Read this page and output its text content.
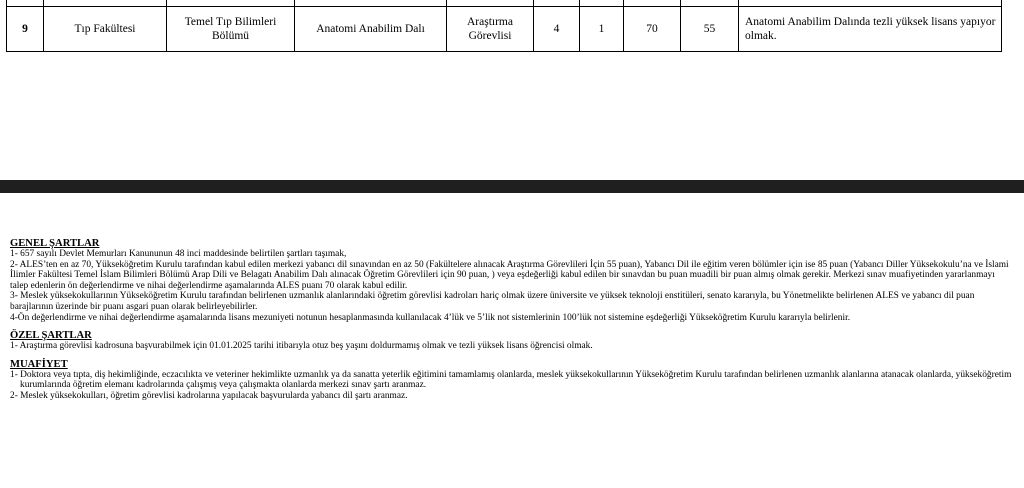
9	Tıp Fakültesi	Temel Tıp Bilimleri Bölümü	Anatomi Anabilim Dalı	Araştırma Görevlisi	4	1	70	55	Anatomi Anabilim Dalında tezli yüksek lisans yapıyor olmak.

GENEL ŞARTLAR

1- 657 sayılı Devlet Memurları Kanununun 48 inci maddesinde belirtilen şartları taşımak,

2- ALES’ten en az 70, Yükseköğretim Kurulu tarafından kabul edilen merkezi yabancı dil sınavından en az 50 (Fakültelere alınacak Araştırma Görevlileri İçin 55 puan), Yabancı Dil ile eğitim veren bölümler için ise 85 puan (Yabancı Diller Yüksekokulu’na ve İslami İlimler Fakültesi Temel İslam Bilimleri Bölümü Arap Dili ve Belagatı Anabilim Dalı alınacak Öğretim Görevlileri için 90 puan, ) veya eşdeğerliği kabul edilen bir sınavdan bu puan muadili bir puan almış olmak gerekir. Merkezi sınav muafiyetinden yararlanmayı talep edenlerin ön değerlendirme ve nihai değerlendirme aşamalarında ALES puanı 70 olarak kabul edilir.

3- Meslek yüksekokullarının Yükseköğretim Kurulu tarafından belirlenen uzmanlık alanlarındaki öğretim görevlisi kadroları hariç olmak üzere üniversite ve yüksek teknoloji enstitüleri, senato kararıyla, bu Yönetmelikte belirlenen ALES ve yabancı dil puan barajlarının üzerinde bir puanı asgari puan olarak belirleyebilirler.

4-Ön değerlendirme ve nihai değerlendirme aşamalarında lisans mezuniyeti notunun hesaplanmasında kullanılacak 4’lük ve 5’lik not sistemlerinin 100’lük not sistemine eşdeğerliği Yükseköğretim Kurulu kararıyla belirlenir.

ÖZEL ŞARTLAR

1- Araştırma görevlisi kadrosuna başvurabilmek için 01.01.2025 tarihi itibarıyla otuz beş yaşını doldurmamış olmak ve tezli yüksek lisans öğrencisi olmak.

MUAFİYET

1- Doktora veya tıpta, diş hekimliğinde, eczacılıkta ve veteriner hekimlikte uzmanlık ya da sanatta yeterlik eğitimini tamamlamış olanlarda, meslek yüksekokullarının Yükseköğretim Kurulu tarafından belirlenen uzmanlık alanlarına atanacak olanlarda, yükseköğretim kurumlarında öğretim elemanı kadrolarında çalışmış veya çalışmakta olanlarda merkezi sınav şartı aranmaz.

2- Meslek yüksekokulları, öğretim görevlisi kadrolarına yapılacak başvurularda yabancı dil şartı aranmaz.
